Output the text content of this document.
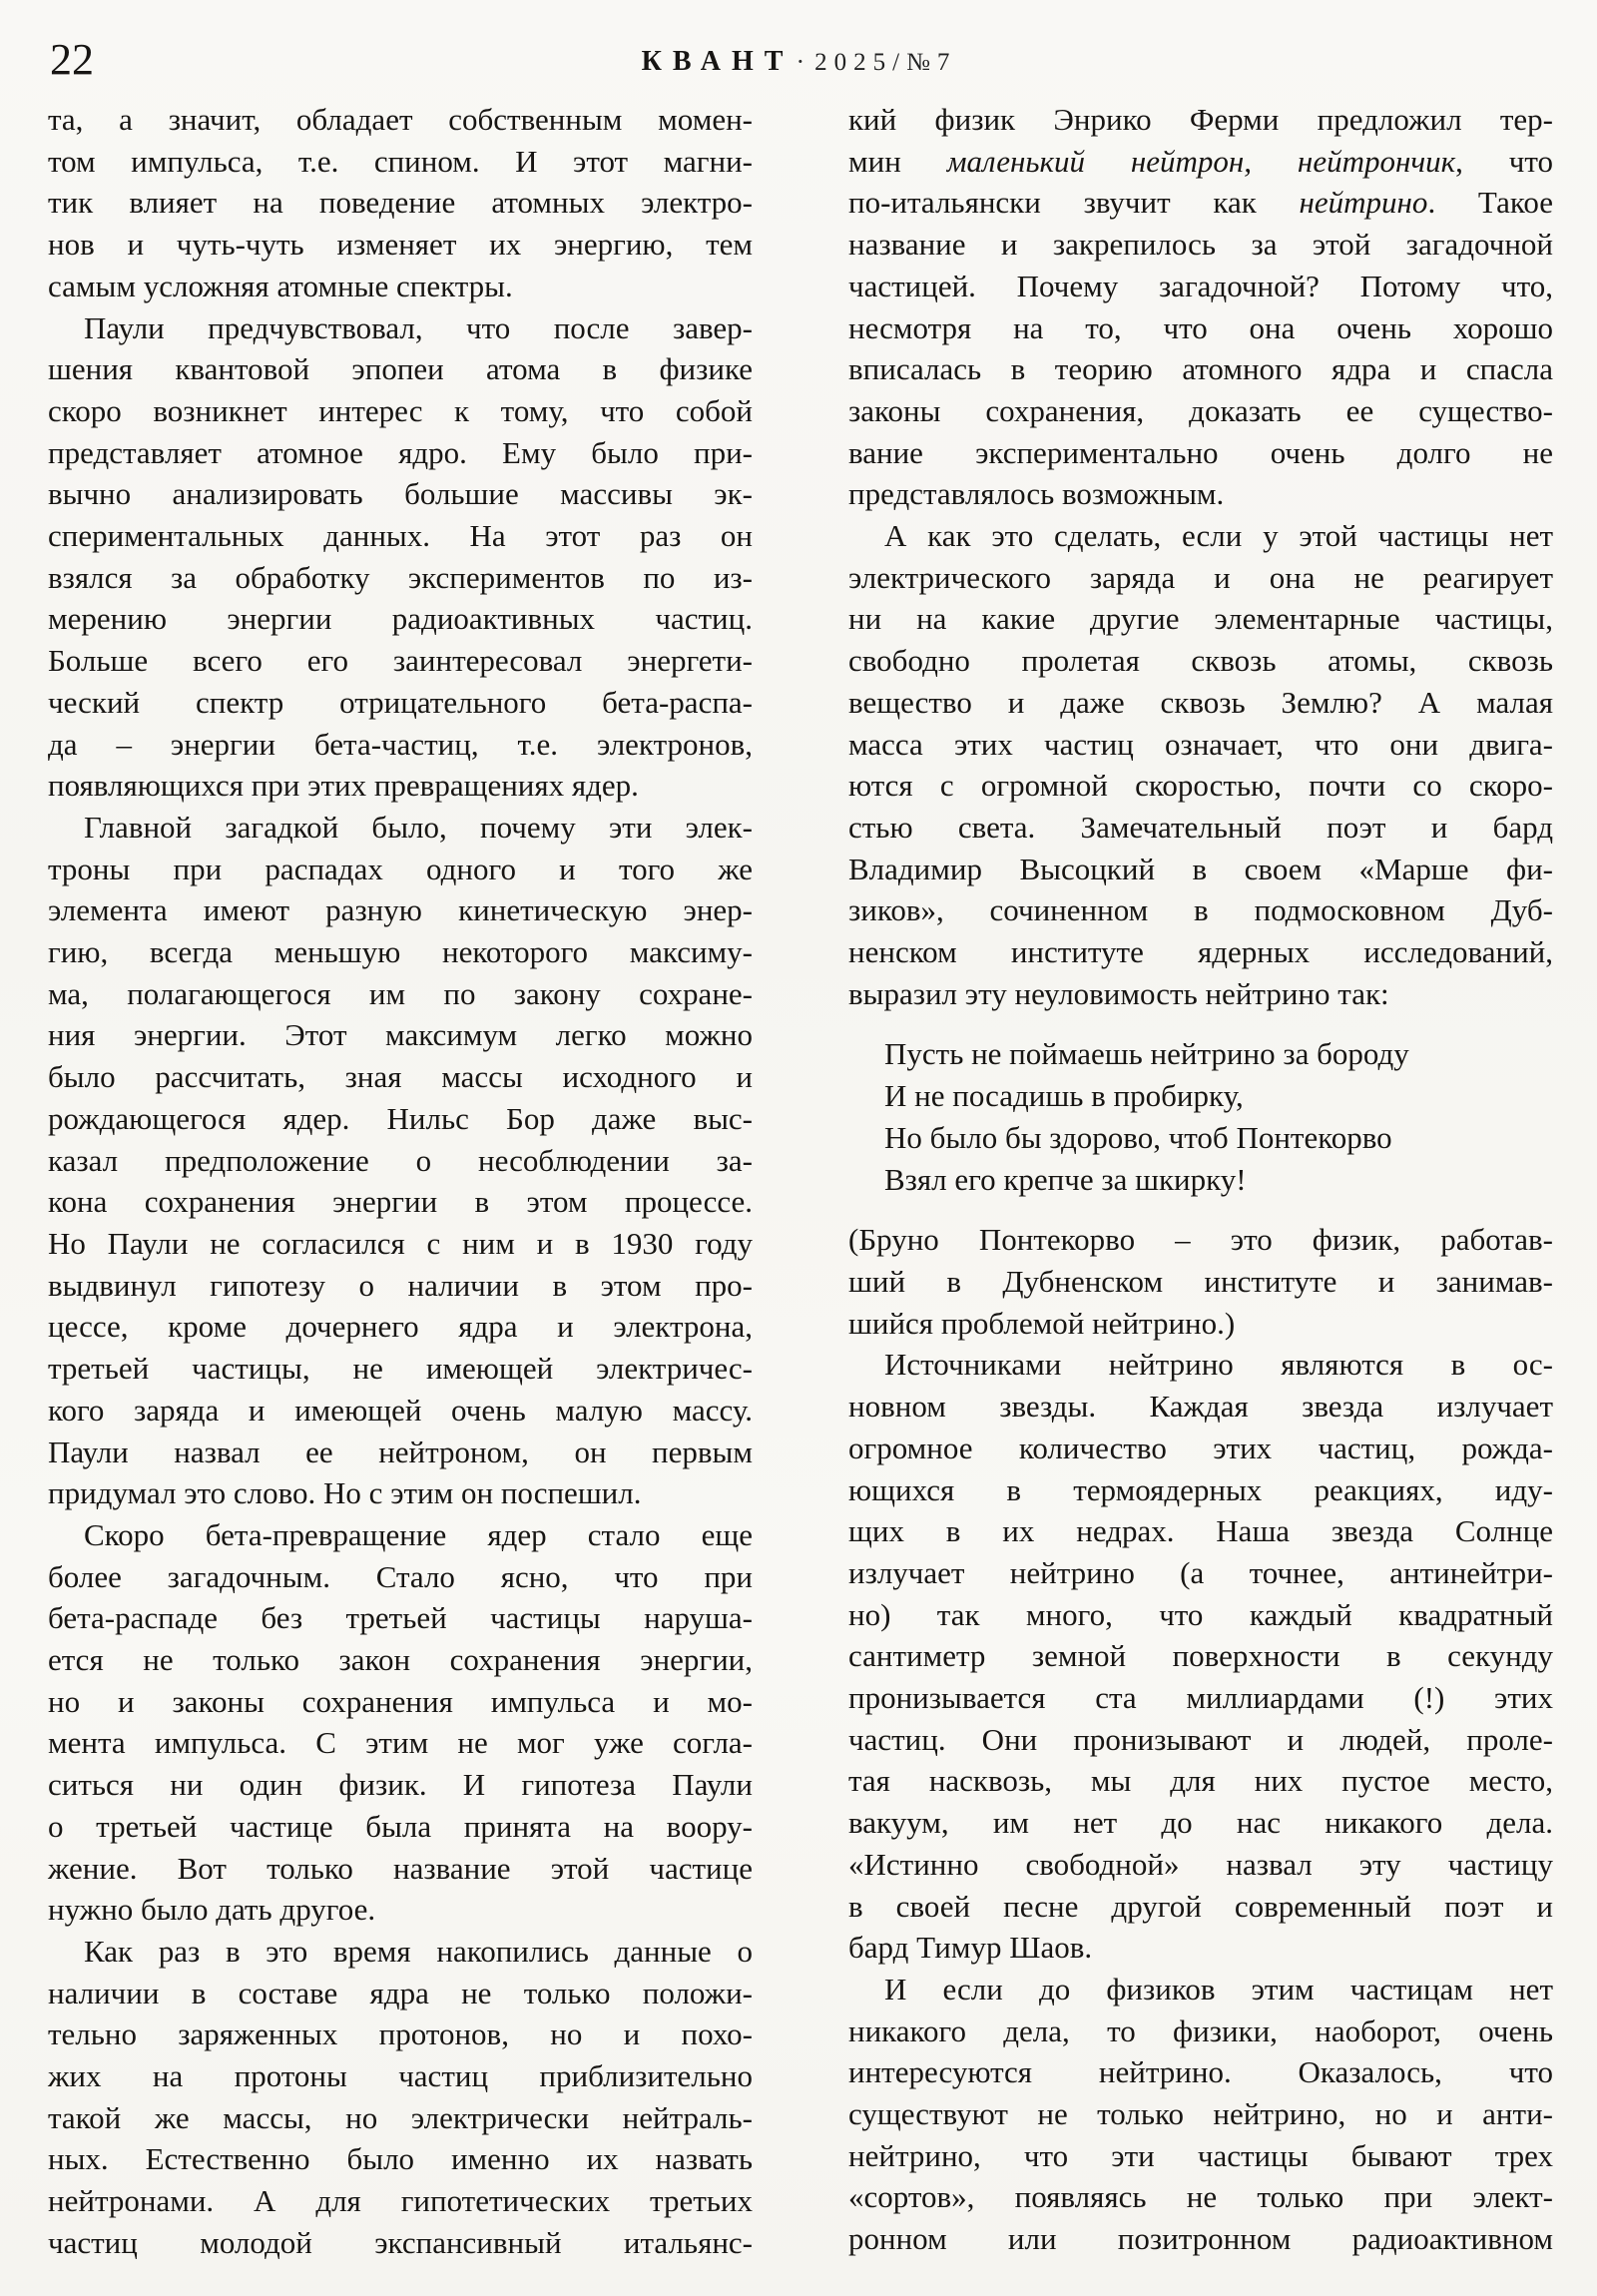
22	КВАНТ· 2025/№7
та, а значит, обладает собственным момен-
том импульса, т.е. спином. И этот магни-
тик влияет на поведение атомных электро-
нов и чуть-чуть изменяет их энергию, тем
самым усложняя атомные спектры.
Паули предчувствовал, что после завер-
шения квантовой эпопеи атома в физике
скоро возникнет интерес к тому, что собой
представляет атомное ядро. Ему было при-
вычно анализировать большие массивы эк-
спериментальных данных. На этот раз он
взялся за обработку экспериментов по из-
мерению энергии радиоактивных частиц.
Больше всего его заинтересовал энергети-
ческий спектр отрицательного бета-распа-
да – энергии бета-частиц, т.е. электронов,
появляющихся при этих превращениях ядер.
Главной загадкой было, почему эти элек-
троны при распадах одного и того же
элемента имеют разную кинетическую энер-
гию, всегда меньшую некоторого максиму-
ма, полагающегося им по закону сохране-
ния энергии. Этот максимум легко можно
было рассчитать, зная массы исходного и
рождающегося ядер. Нильс Бор даже выс-
казал предположение о несоблюдении за-
кона сохранения энергии в этом процессе.
Но Паули не согласился с ним и в 1930 году
выдвинул гипотезу о наличии в этом про-
цессе, кроме дочернего ядра и электрона,
третьей частицы, не имеющей электричес-
кого заряда и имеющей очень малую массу.
Паули назвал ее нейтроном, он первым
придумал это слово. Но с этим он поспешил.
Скоро бета-превращение ядер стало еще
более загадочным. Стало ясно, что при
бета-распаде без третьей частицы наруша-
ется не только закон сохранения энергии,
но и законы сохранения импульса и мо-
мента импульса. С этим не мог уже согла-
ситься ни один физик. И гипотеза Паули
о третьей частице была принята на воору-
жение. Вот только название этой частице
нужно было дать другое.
Как раз в это время накопились данные о
наличии в составе ядра не только положи-
тельно заряженных протонов, но и похо-
жих на протоны частиц приблизительно
такой же массы, но электрически нейтраль-
ных. Естественно было именно их назвать
нейтронами. А для гипотетических третьих
частиц молодой экспансивный итальянс-
кий физик Энрико Ферми предложил тер-
мин маленький нейтрон, нейтрончик, что
по-итальянски звучит как нейтрино. Такое
название и закрепилось за этой загадочной
частицей. Почему загадочной? Потому что,
несмотря на то, что она очень хорошо
вписалась в теорию атомного ядра и спасла
законы сохранения, доказать ее существо-
вание экспериментально очень долго не
представлялось возможным.
А как это сделать, если у этой частицы нет
электрического заряда и она не реагирует
ни на какие другие элементарные частицы,
свободно пролетая сквозь атомы, сквозь
вещество и даже сквозь Землю? А малая
масса этих частиц означает, что они двига-
ются с огромной скоростью, почти со скоро-
стью света. Замечательный поэт и бард
Владимир Высоцкий в своем «Марше фи-
зиков», сочиненном в подмосковном Дуб-
ненском институте ядерных исследований,
выразил эту неуловимость нейтрино так:
Пусть не поймаешь нейтрино за бороду
И не посадишь в пробирку,
Но было бы здорово, чтоб Понтекорво
Взял его крепче за шкирку!
(Бруно Понтекорво – это физик, работав-
ший в Дубненском институте и занимав-
шийся проблемой нейтрино.)
Источниками нейтрино являются в ос-
новном звезды. Каждая звезда излучает
огромное количество этих частиц, рожда-
ющихся в термоядерных реакциях, иду-
щих в их недрах. Наша звезда Солнце
излучает нейтрино (а точнее, антинейтри-
но) так много, что каждый квадратный
сантиметр земной поверхности в секунду
пронизывается ста миллиардами (!) этих
частиц. Они пронизывают и людей, проле-
тая насквозь, мы для них пустое место,
вакуум, им нет до нас никакого дела.
«Истинно свободной» назвал эту частицу
в своей песне другой современный поэт и
бард Тимур Шаов.
И если до физиков этим частицам нет
никакого дела, то физики, наоборот, очень
интересуются нейтрино. Оказалось, что
существуют не только нейтрино, но и анти-
нейтрино, что эти частицы бывают трех
«сортов», появляясь не только при элект-
ронном или позитронном радиоактивном
